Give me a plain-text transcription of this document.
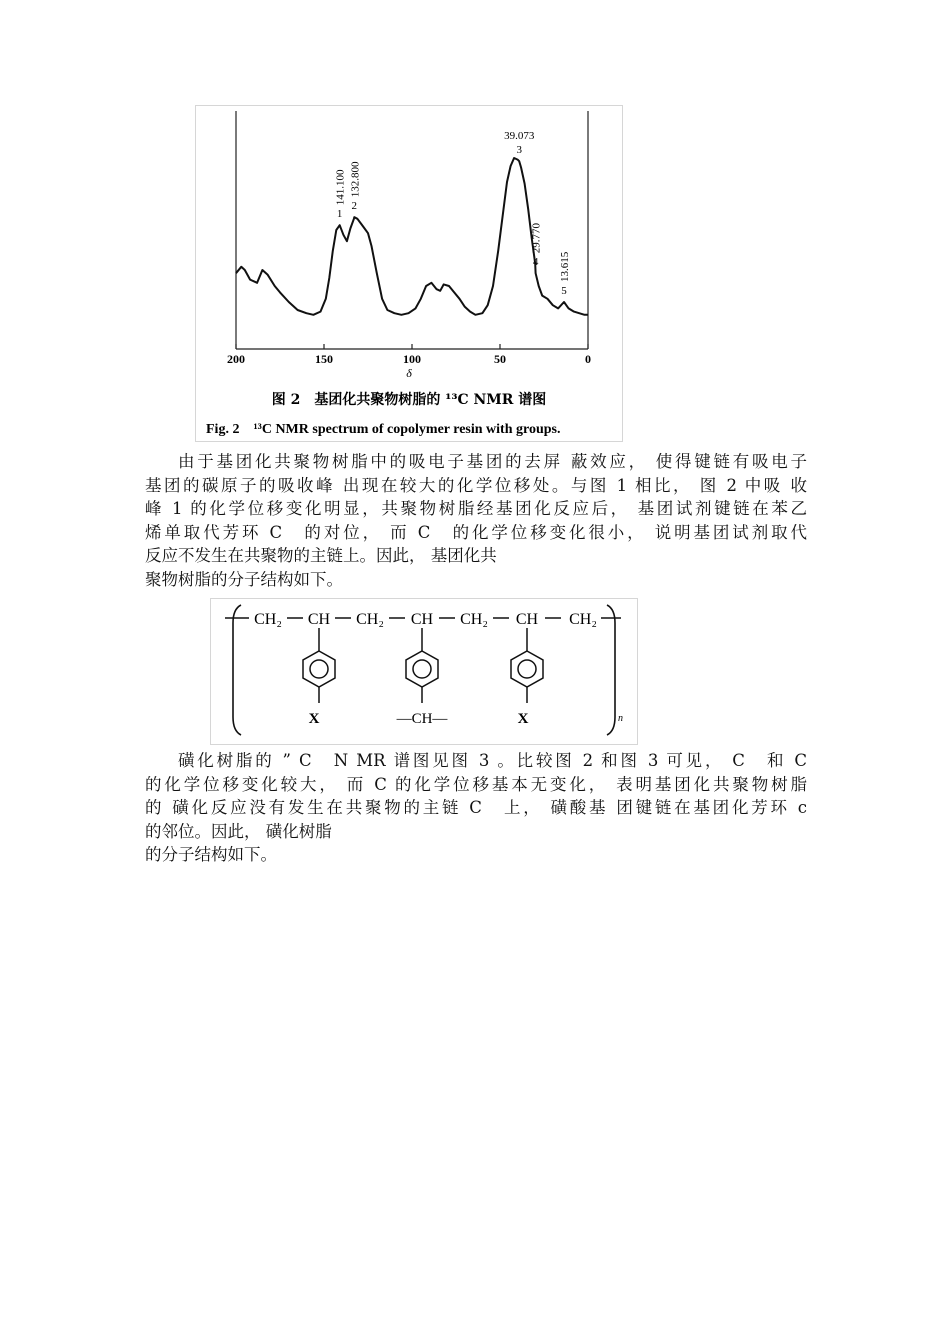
200	150	100	50	0
1
141.100
2
132.800
3
39.073
4
29.770
5
13.615
δ
图 2　基团化共聚物树脂的 ¹³C NMR 谱图
Fig. 2　¹³C NMR spectrum of copolymer resin with groups.
由于基团化共聚物树脂中的吸电子基团的去屏 蔽效应， 使得键链有吸电子
基团的碳原子的吸收峰 出现在较大的化学位移处。与图 1 相比， 图 2 中吸 收
峰 1 的化学位移变化明显，共聚物树脂经基团化反应后， 基团试剂键链在苯乙
烯单取代芳环 C　的对位， 而 C　的化学位移变化很小， 说明基团试剂取代
反应不发生在共聚物的主链上。因此， 基团化共
聚物树脂的分子结构如下。
CH₂ CH CH₂ CH CH₂ CH CH₂
X	—CH—	X	n
磺化树脂的 ” C　N MR 谱图见图 3 。比较图 2 和图 3 可见， C　和 C
的化学位移变化较大， 而 C 的化学位移基本无变化， 表明基团化共聚物树脂
的 磺化反应没有发生在共聚物的主链 C　上， 磺酸基 团键链在基团化芳环 c
的邻位。因此， 磺化树脂
的分子结构如下。
